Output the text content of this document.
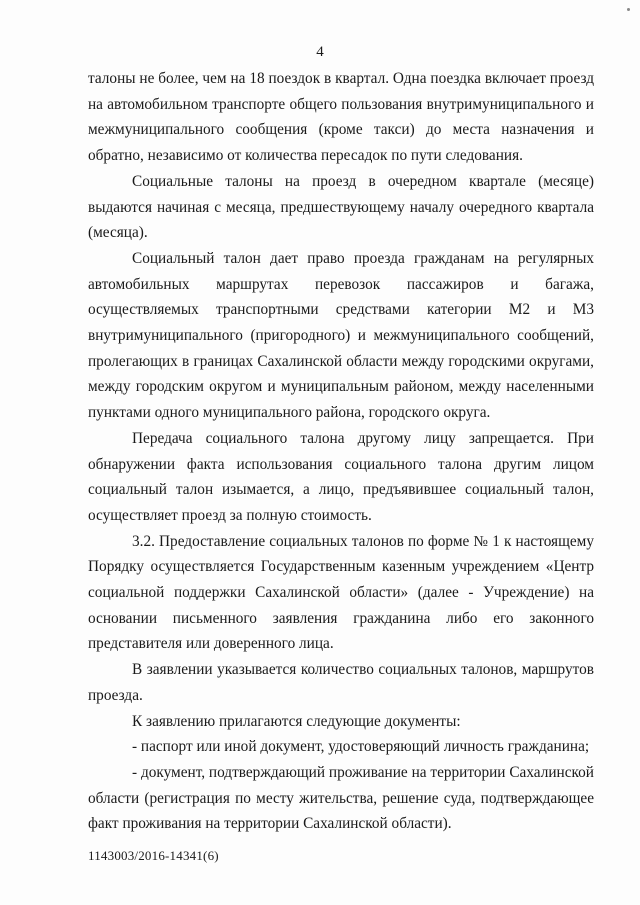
4

талоны не более, чем на 18 поездок в квартал. Одна поездка включает проезд на автомобильном транспорте общего пользования внутримуниципального и межмуниципального сообщения (кроме такси) до места назначения и обратно, независимо от количества пересадок по пути следования.

Социальные талоны на проезд в очередном квартале (месяце) выдаются начиная с месяца, предшествующему началу очередного квартала (месяца).

Социальный талон дает право проезда гражданам на регулярных автомобильных маршрутах перевозок пассажиров и багажа, осуществляемых транспортными средствами категории М2 и М3 внутримуниципального (пригородного) и межмуниципального сообщений, пролегающих в границах Сахалинской области между городскими округами, между городским округом и муниципальным районом, между населенными пунктами одного муниципального района, городского округа.

Передача социального талона другому лицу запрещается. При обнаружении факта использования социального талона другим лицом социальный талон изымается, а лицо, предъявившее социальный талон, осуществляет проезд за полную стоимость.

3.2. Предоставление социальных талонов по форме № 1 к настоящему Порядку осуществляется Государственным казенным учреждением «Центр социальной поддержки Сахалинской области» (далее - Учреждение) на основании письменного заявления гражданина либо его законного представителя или доверенного лица.

В заявлении указывается количество социальных талонов, маршрутов проезда.

К заявлению прилагаются следующие документы:

- паспорт или иной документ, удостоверяющий личность гражданина;

- документ, подтверждающий проживание на территории Сахалинской области (регистрация по месту жительства, решение суда, подтверждающее факт проживания на территории Сахалинской области).

1143003/2016-14341(6)
